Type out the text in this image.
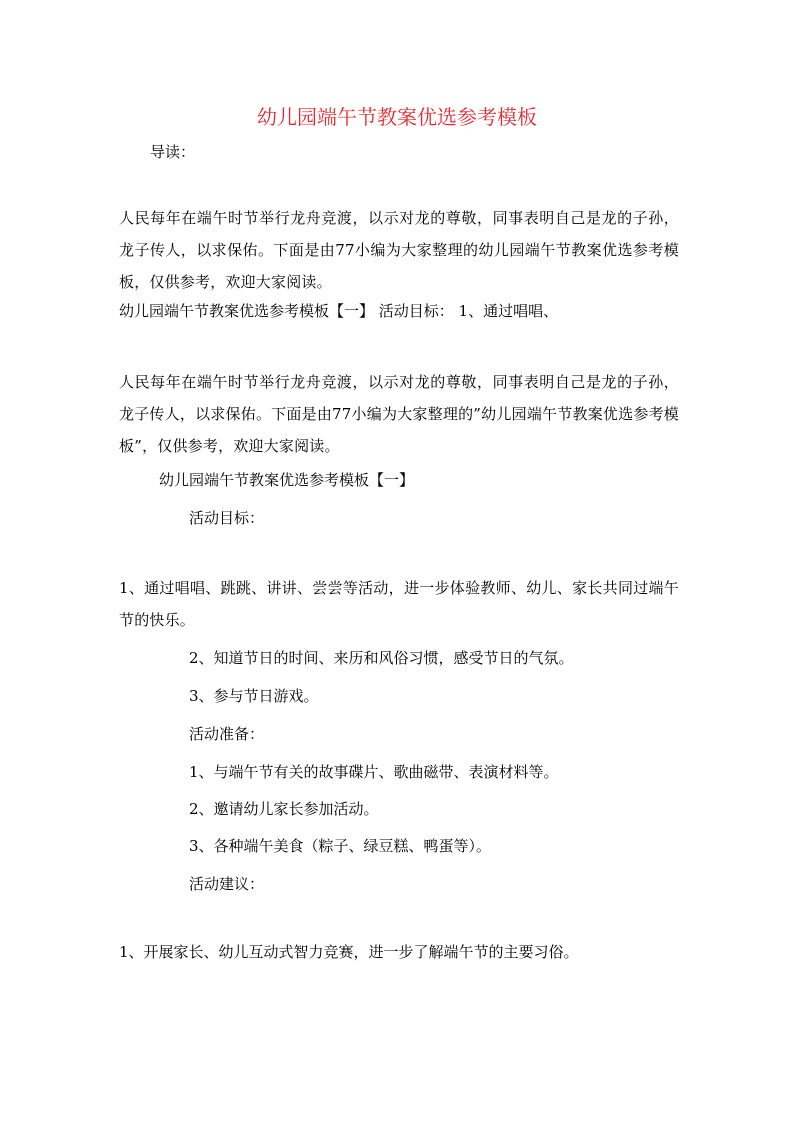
幼儿园端午节教案优选参考模板
导读：
人民每年在端午时节举行龙舟竞渡，以示对龙的尊敬，同事表明自己是龙的子孙，龙子传人，以求保佑。下面是由77小编为大家整理的幼儿园端午节教案优选参考模板，仅供参考，欢迎大家阅读。
幼儿园端午节教案优选参考模板【一】 活动目标： 1、通过唱唱、
人民每年在端午时节举行龙舟竞渡，以示对龙的尊敬，同事表明自己是龙的子孙，龙子传人，以求保佑。下面是由77小编为大家整理的”幼儿园端午节教案优选参考模板”，仅供参考，欢迎大家阅读。
幼儿园端午节教案优选参考模板【一】
活动目标：
1、通过唱唱、跳跳、讲讲、尝尝等活动，进一步体验教师、幼儿、家长共同过端午节的快乐。
2、知道节日的时间、来历和风俗习惯，感受节日的气氛。
3、参与节日游戏。
活动准备：
1、与端午节有关的故事碟片、歌曲磁带、表演材料等。
2、邀请幼儿家长参加活动。
3、各种端午美食（粽子、绿豆糕、鸭蛋等）。
活动建议：
1、开展家长、幼儿互动式智力竞赛，进一步了解端午节的主要习俗。
